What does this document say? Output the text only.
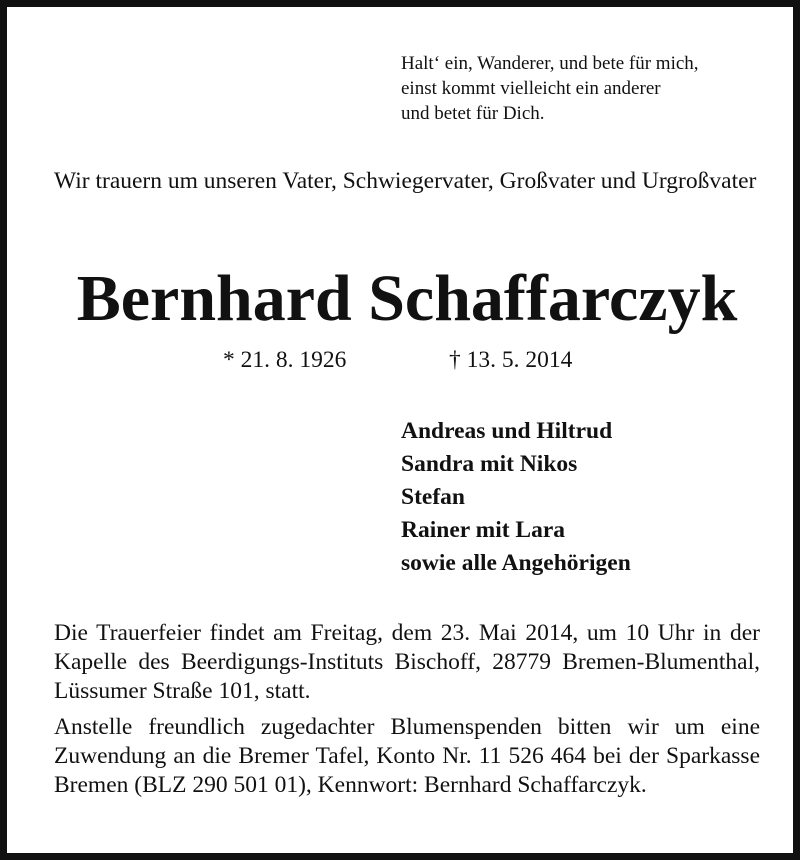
Halt‘ ein, Wanderer, und bete für mich,
einst kommt vielleicht ein anderer
und betet für Dich.
Wir trauern um unseren Vater, Schwiegervater, Großvater und Urgroßvater
Bernhard Schaffarczyk
* 21. 8. 1926	† 13. 5. 2014
Andreas und Hiltrud
Sandra mit Nikos
Stefan
Rainer mit Lara
sowie alle Angehörigen
Die Trauerfeier findet am Freitag, dem 23. Mai 2014, um 10 Uhr in der Kapelle des Beerdigungs-Instituts Bischoff, 28779 Bremen-Blumenthal, Lüssumer Straße 101, statt.
Anstelle freundlich zugedachter Blumenspenden bitten wir um eine Zuwendung an die Bremer Tafel, Konto Nr. 11 526 464 bei der Sparkasse Bremen (BLZ 290 501 01), Kennwort: Bernhard Schaffarczyk.
